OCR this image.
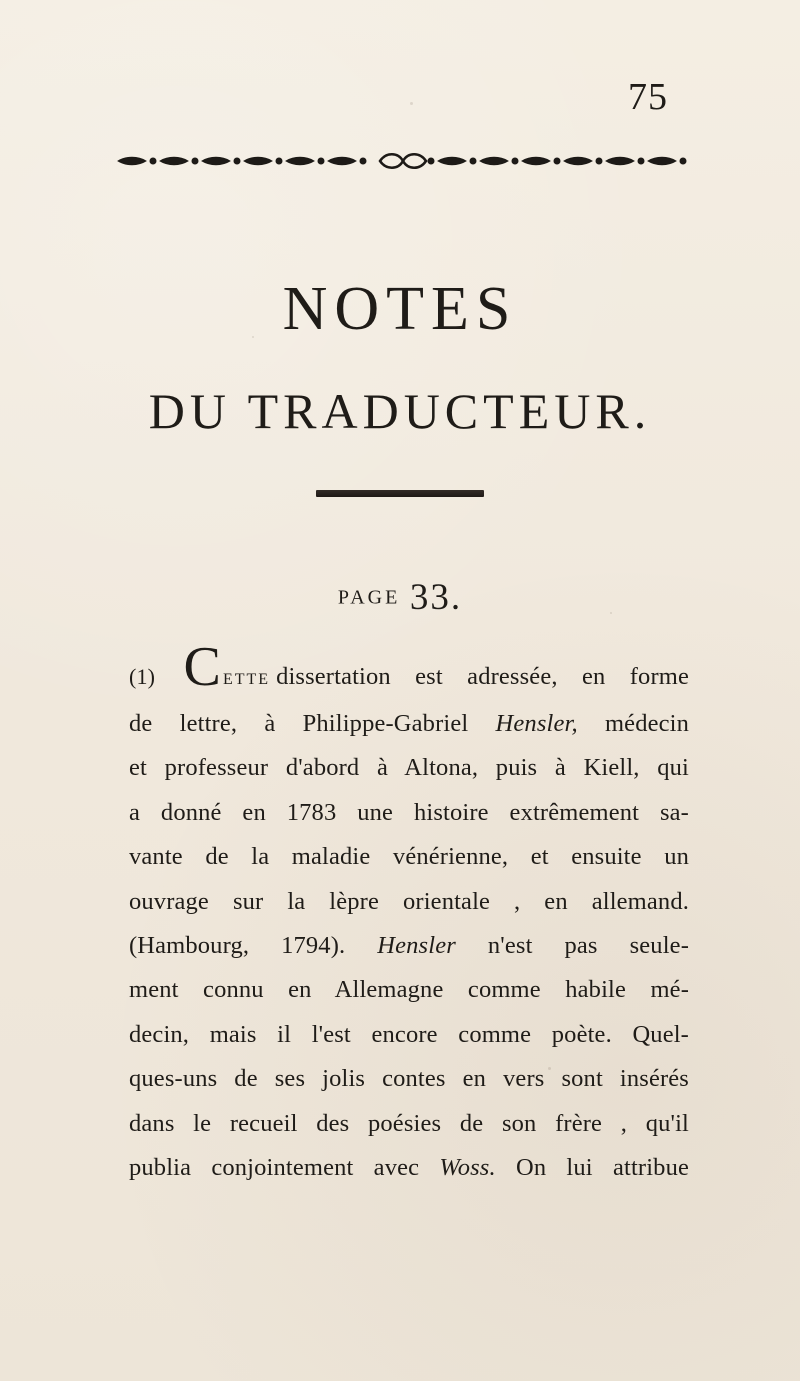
75
NOTES
DU TRADUCTEUR.
PAGE 33.
(1) C ETTE dissertation est adressée, en forme
de lettre, à Philippe-Gabriel Hensler, médecin
et professeur d'abord à Altona, puis à Kiell, qui
a donné en 1783 une histoire extrêmement sa-
vante de la maladie vénérienne, et ensuite un
ouvrage sur la lèpre orientale , en allemand.
(Hambourg, 1794). Hensler n'est pas seule-
ment connu en Allemagne comme habile mé-
decin, mais il l'est encore comme poète. Quel-
ques-uns de ses jolis contes en vers sont insérés
dans le recueil des poésies de son frère , qu'il
publia conjointement avec Woss. On lui attribue
